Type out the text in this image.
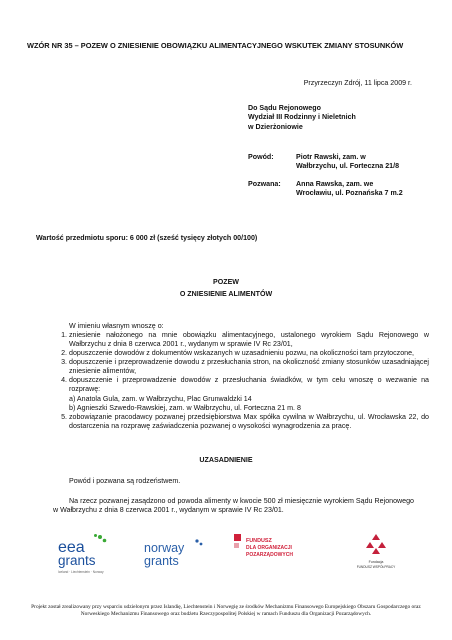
WZÓR NR 35 – POZEW O ZNIESIENIE OBOWIĄZKU ALIMENTACYJNEGO WSKUTEK ZMIANY STOSUNKÓW
Przyrzeczyn Zdrój, 11 lipca 2009 r.
Do Sądu Rejonowego
Wydział III Rodzinny i Nieletnich
w Dzierżoniowie
Powód:	Piotr Rawski, zam. w
Wałbrzychu, ul. Forteczna 21/8
Pozwana: Anna Rawska, zam. we
Wrocławiu, ul. Poznańska 7 m.2
Wartość przedmiotu sporu: 6 000 zł (sześć tysięcy złotych 00/100)
POZEW
O ZNIESIENIE ALIMENTÓW
W imieniu własnym wnoszę o:
1. zniesienie nałożonego na mnie obowiązku alimentacyjnego, ustalonego wyrokiem Sądu Rejonowego w Wałbrzychu z dnia 8 czerwca 2001 r., wydanym w sprawie IV Rc 23/01,
2. dopuszczenie dowodów z dokumentów wskazanych w uzasadnieniu pozwu, na okoliczności tam przytoczone,
3. dopuszczenie i przeprowadzenie dowodu z przesłuchania stron, na okoliczność zmiany stosunków uzasadniającej zniesienie alimentów,
4. dopuszczenie i przeprowadzenie dowodów z przesłuchania świadków, w tym celu wnoszę o wezwanie na rozprawę:
a) Anatola Gula, zam. w Wałbrzychu, Plac Grunwaldzki 14
b) Agnieszki Szwedo-Rawskiej, zam. w Wałbrzychu, ul. Forteczna 21 m. 8
5. zobowiązanie pracodawcy pozwanej przedsiębiorstwa Max spółka cywilna w Wałbrzychu, ul. Wrocławska 22, do dostarczenia na rozprawę zaświadczenia pozwanej o wysokości wynagrodzenia za pracę.
UZASADNIENIE
Powód i pozwana są rodzeństwem.
Na rzecz pozwanej zasądzono od powoda alimenty w kwocie 500 zł miesięcznie wyrokiem Sądu Rejonowego w Wałbrzychu z dnia 8 czerwca 2001 r., wydanym w sprawie IV Rc 23/01.
eea
grants
Iceland · Liechtenstein · Norway
norway
grants
FUNDUSZ
DLA ORGANIZACJI
POZARZĄDOWYCH
Fundacja
FUNDUSZ WSPÓŁPRACY
Projekt został zrealizowany przy wsparciu udzielonym przez Islandię, Liechtenstein i Norwegię ze środków Mechanizmu Finansowego Europejskiego Obszaru Gospodarczego oraz Norweskiego Mechanizmu Finansowego oraz budżetu Rzeczypospolitej Polskiej w ramach Funduszu dla Organizacji Pozarządowych.
